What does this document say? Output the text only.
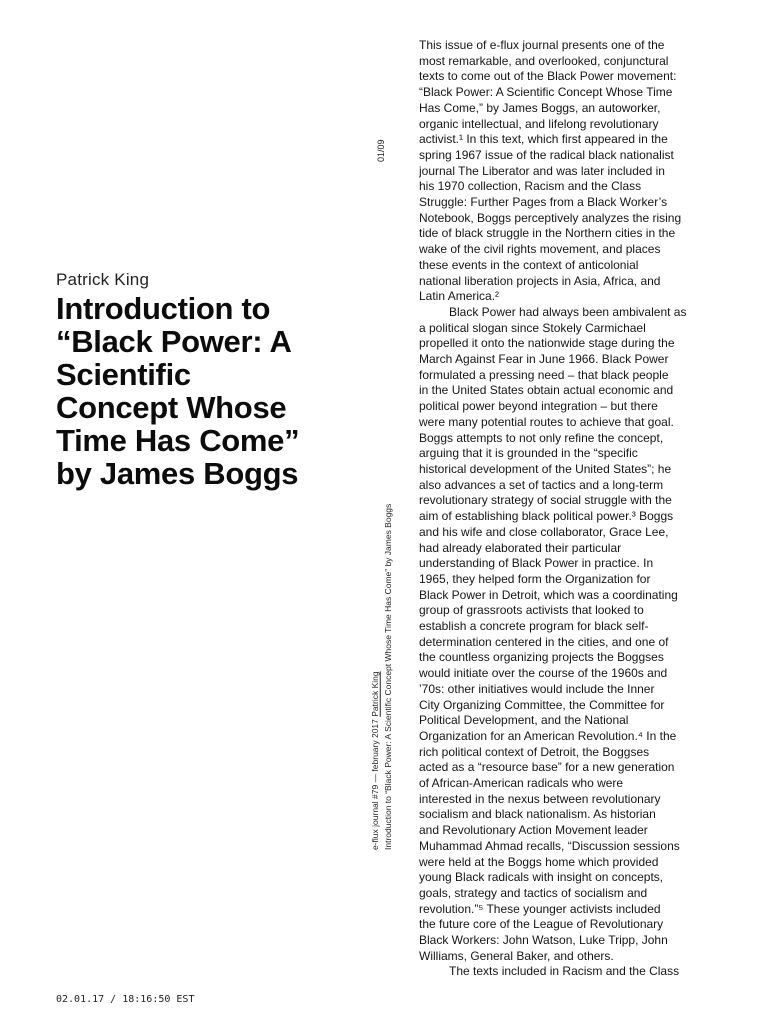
Patrick King
Introduction to
“Black Power: A
Scientific
Concept Whose
Time Has Come”
by James Boggs
01/09
e-flux journal #79 — february 2017 Patrick King Introduction to “Black Power: A Scientific Concept Whose Time Has Come” by James Boggs
This issue of e-flux journal presents one of the
most remarkable, and overlooked, conjunctural
texts to come out of the Black Power movement:
“Black Power: A Scientific Concept Whose Time
Has Come,” by James Boggs, an autoworker,
organic intellectual, and lifelong revolutionary
activist.¹ In this text, which first appeared in the
spring 1967 issue of the radical black nationalist
journal The Liberator and was later included in
his 1970 collection, Racism and the Class
Struggle: Further Pages from a Black Worker’s
Notebook, Boggs perceptively analyzes the rising
tide of black struggle in the Northern cities in the
wake of the civil rights movement, and places
these events in the context of anticolonial
national liberation projects in Asia, Africa, and
Latin America.²
Black Power had always been ambivalent as
a political slogan since Stokely Carmichael
propelled it onto the nationwide stage during the
March Against Fear in June 1966. Black Power
formulated a pressing need – that black people
in the United States obtain actual economic and
political power beyond integration – but there
were many potential routes to achieve that goal.
Boggs attempts to not only refine the concept,
arguing that it is grounded in the “specific
historical development of the United States”; he
also advances a set of tactics and a long-term
revolutionary strategy of social struggle with the
aim of establishing black political power.³ Boggs
and his wife and close collaborator, Grace Lee,
had already elaborated their particular
understanding of Black Power in practice. In
1965, they helped form the Organization for
Black Power in Detroit, which was a coordinating
group of grassroots activists that looked to
establish a concrete program for black self-
determination centered in the cities, and one of
the countless organizing projects the Boggses
would initiate over the course of the 1960s and
’70s: other initiatives would include the Inner
City Organizing Committee, the Committee for
Political Development, and the National
Organization for an American Revolution.⁴ In the
rich political context of Detroit, the Boggses
acted as a “resource base” for a new generation
of African-American radicals who were
interested in the nexus between revolutionary
socialism and black nationalism. As historian
and Revolutionary Action Movement leader
Muhammad Ahmad recalls, “Discussion sessions
were held at the Boggs home which provided
young Black radicals with insight on concepts,
goals, strategy and tactics of socialism and
revolution.”⁵ These younger activists included
the future core of the League of Revolutionary
Black Workers: John Watson, Luke Tripp, John
Williams, General Baker, and others.
The texts included in Racism and the Class
02.01.17 / 18:16:50 EST
